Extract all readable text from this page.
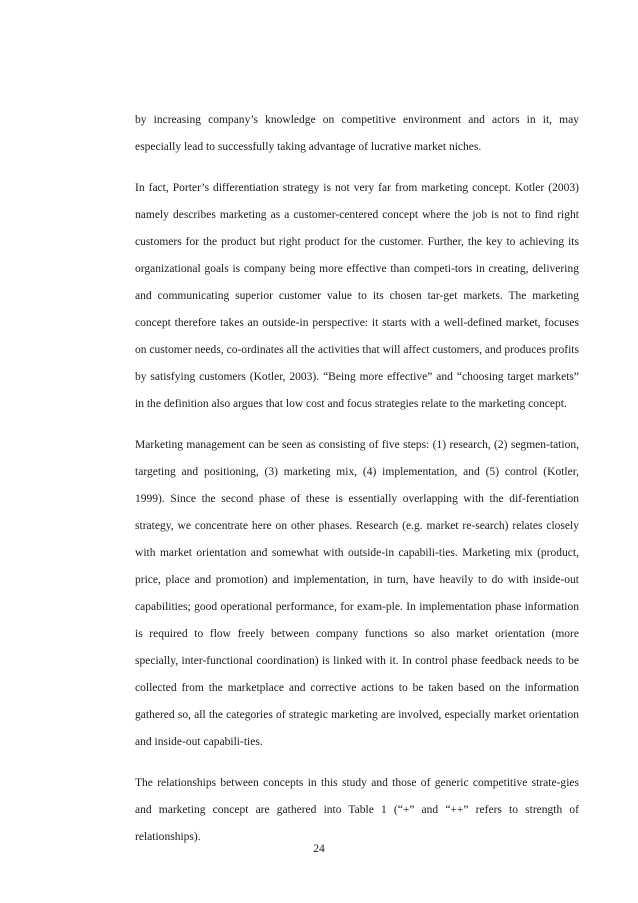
by increasing company’s knowledge on competitive environment and actors in it, may especially lead to successfully taking advantage of lucrative market niches.

In fact, Porter’s differentiation strategy is not very far from marketing concept. Kotler (2003) namely describes marketing as a customer-centered concept where the job is not to find right customers for the product but right product for the customer. Further, the key to achieving its organizational goals is company being more effective than competi-tors in creating, delivering and communicating superior customer value to its chosen tar-get markets. The marketing concept therefore takes an outside-in perspective: it starts with a well-defined market, focuses on customer needs, co-ordinates all the activities that will affect customers, and produces profits by satisfying customers (Kotler, 2003). “Being more effective” and “choosing target markets” in the definition also argues that low cost and focus strategies relate to the marketing concept.

Marketing management can be seen as consisting of five steps: (1) research, (2) segmen-tation, targeting and positioning, (3) marketing mix, (4) implementation, and (5) control (Kotler, 1999). Since the second phase of these is essentially overlapping with the dif-ferentiation strategy, we concentrate here on other phases. Research (e.g. market re-search) relates closely with market orientation and somewhat with outside-in capabili-ties. Marketing mix (product, price, place and promotion) and implementation, in turn, have heavily to do with inside-out capabilities; good operational performance, for exam-ple. In implementation phase information is required to flow freely between company functions so also market orientation (more specially, inter-functional coordination) is linked with it. In control phase feedback needs to be collected from the marketplace and corrective actions to be taken based on the information gathered so, all the categories of strategic marketing are involved, especially market orientation and inside-out capabili-ties.

The relationships between concepts in this study and those of generic competitive strate-gies and marketing concept are gathered into Table 1 (“+” and “++” refers to strength of relationships).

24
